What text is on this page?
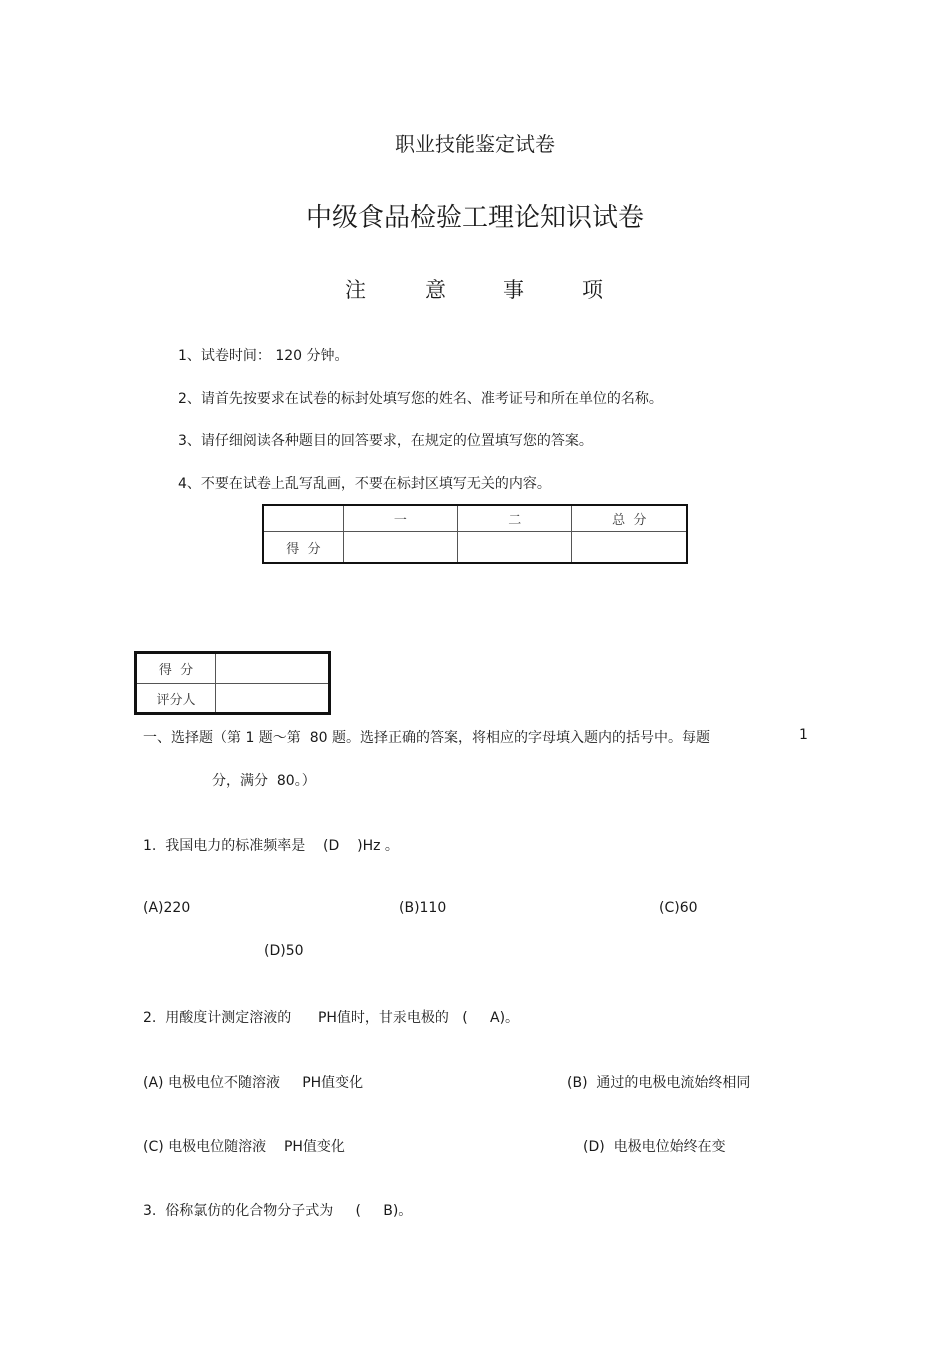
职业技能鉴定试卷
中级食品检验工理论知识试卷
注	意	事	项
1、试卷时间： 120 分钟。
2、请首先按要求在试卷的标封处填写您的姓名、准考证号和所在单位的名称。
3、请仔细阅读各种题目的回答要求，在规定的位置填写您的答案。
4、不要在试卷上乱写乱画，不要在标封区填写无关的内容。
	一	二	总  分
得  分			
得  分	
评分人	
一、选择题（第 1 题～第  80 题。选择正确的答案，将相应的字母填入题内的括号中。每题	1
分，满分  80。）
1.  我国电力的标准频率是    (D    )Hz 。
(A)220	(B)110	(C)60
(D)50
2.  用酸度计测定溶液的      PH值时，甘汞电极的   (     A)。
(A) 电极电位不随溶液     PH值变化	(B)  通过的电极电流始终相同
(C) 电极电位随溶液    PH值变化	(D)  电极电位始终在变
3.  俗称氯仿的化合物分子式为     (     B)。
